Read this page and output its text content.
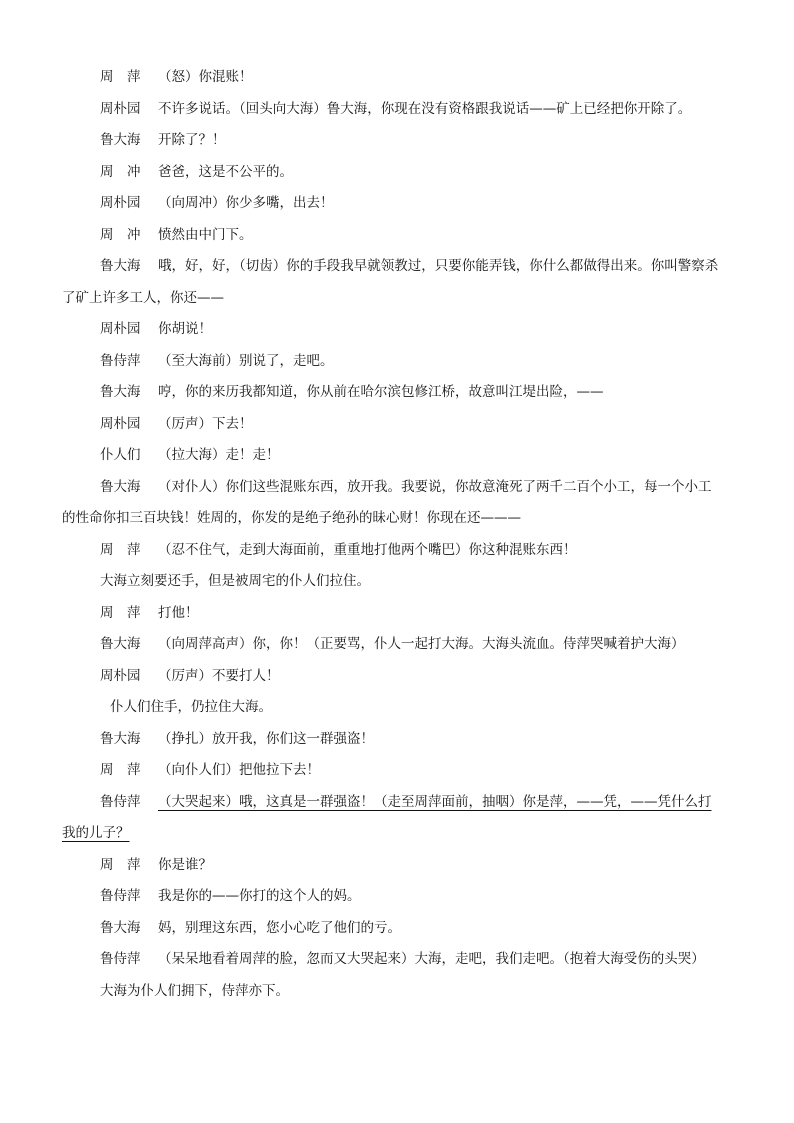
周　萍 （怒）你混账！
周朴园 不许多说话。（回头向大海）鲁大海，你现在没有资格跟我说话——矿上已经把你开除了。
鲁大海 开除了？！
周　冲 爸爸，这是不公平的。
周朴园 （向周冲）你少多嘴，出去！
周　冲 愤然由中门下。
鲁大海 哦，好，好，（切齿）你的手段我早就领教过，只要你能弄钱，你什么都做得出来。你叫警察杀了矿上许多工人，你还——
周朴园 你胡说！
鲁侍萍 （至大海前）别说了，走吧。
鲁大海 哼，你的来历我都知道，你从前在哈尔滨包修江桥，故意叫江堤出险，——
周朴园 （厉声）下去！
仆人们 （拉大海）走！走！
鲁大海 （对仆人）你们这些混账东西，放开我。我要说，你故意淹死了两千二百个小工，每一个小工的性命你扣三百块钱！姓周的，你发的是绝子绝孙的昧心财！你现在还———
周　萍 （忍不住气，走到大海面前，重重地打他两个嘴巴）你这种混账东西！
大海立刻要还手，但是被周宅的仆人们拉住。
周　萍 打他！
鲁大海 （向周萍高声）你，你！（正要骂，仆人一起打大海。大海头流血。侍萍哭喊着护大海）
周朴园 （厉声）不要打人！
仆人们住手，仍拉住大海。
鲁大海 （挣扎）放开我，你们这一群强盗！
周　萍 （向仆人们）把他拉下去！
鲁侍萍 （大哭起来）哦，这真是一群强盗！（走至周萍面前，抽咽）你是萍，——凭，——凭什么打我的儿子？
周　萍 你是谁？
鲁侍萍 我是你的——你打的这个人的妈。
鲁大海 妈，别理这东西，您小心吃了他们的亏。
鲁侍萍 （呆呆地看着周萍的脸，忽而又大哭起来）大海，走吧，我们走吧。（抱着大海受伤的头哭）
大海为仆人们拥下，侍萍亦下。
